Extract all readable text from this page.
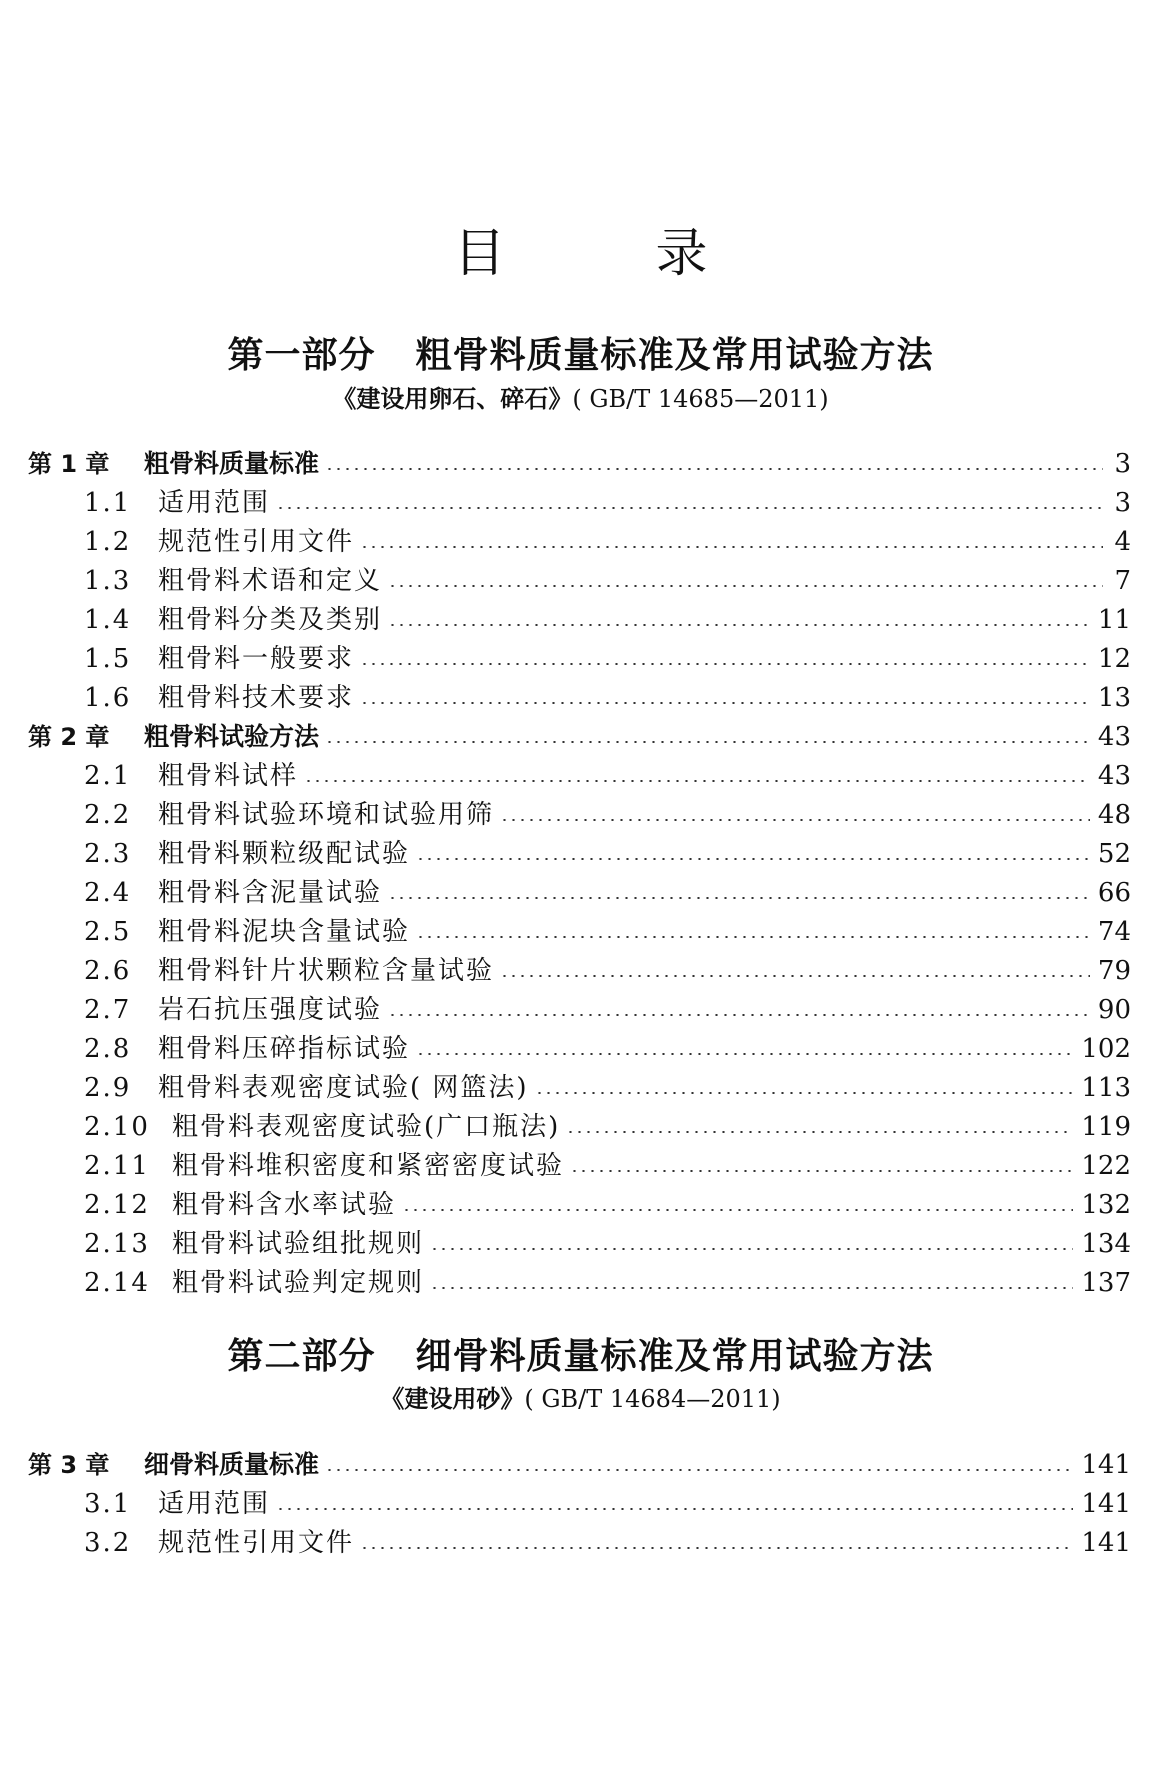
目	录
第一部分 粗骨料质量标准及常用试验方法
《建设用卵石、碎石》( GB/T 14685—2011)
第 1 章	粗骨料质量标准	3
1.1	适用范围	3
1.2	规范性引用文件	4
1.3	粗骨料术语和定义	7
1.4	粗骨料分类及类别	11
1.5	粗骨料一般要求	12
1.6	粗骨料技术要求	13
第 2 章	粗骨料试验方法	43
2.1	粗骨料试样	43
2.2	粗骨料试验环境和试验用筛	48
2.3	粗骨料颗粒级配试验	52
2.4	粗骨料含泥量试验	66
2.5	粗骨料泥块含量试验	74
2.6	粗骨料针片状颗粒含量试验	79
2.7	岩石抗压强度试验	90
2.8	粗骨料压碎指标试验	102
2.9	粗骨料表观密度试验( 网篮法)	113
2.10 粗骨料表观密度试验(广口瓶法)	119
2.11 粗骨料堆积密度和紧密密度试验	122
2.12 粗骨料含水率试验	132
2.13 粗骨料试验组批规则	134
2.14 粗骨料试验判定规则	137
第二部分 细骨料质量标准及常用试验方法
《建设用砂》( GB/T 14684—2011)
第 3 章	细骨料质量标准	141
3.1	适用范围	141
3.2	规范性引用文件	141
